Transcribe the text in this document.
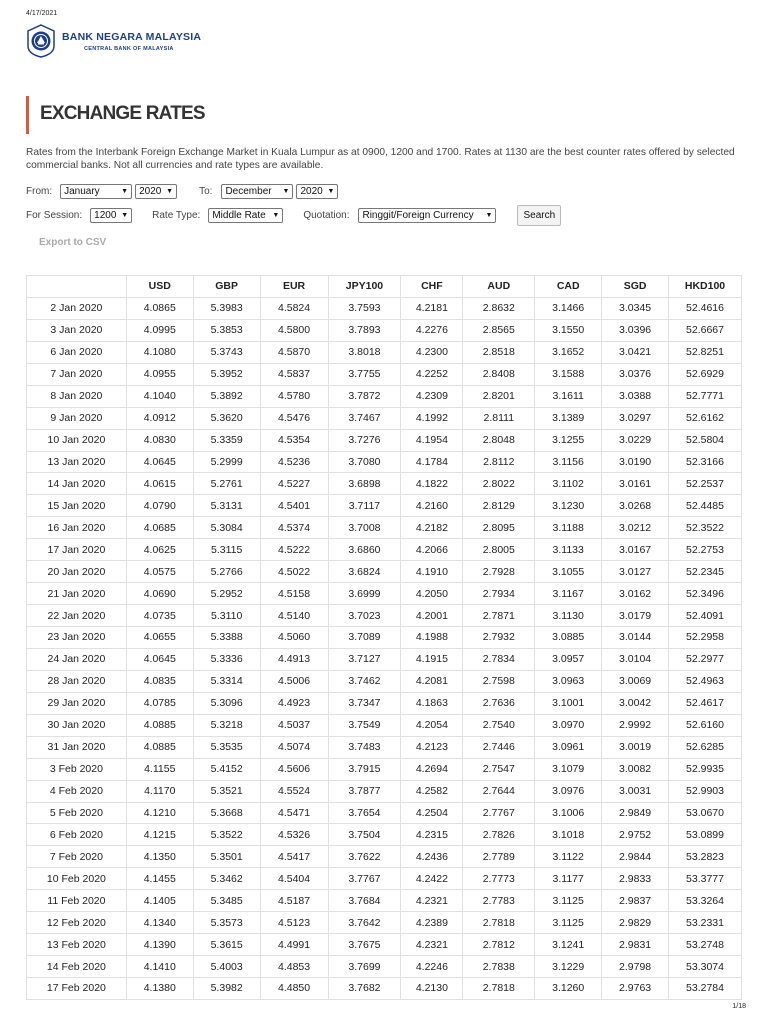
4/17/2021
BANK NEGARA MALAYSIA
CENTRAL BANK OF MALAYSIA
EXCHANGE RATES
Rates from the Interbank Foreign Exchange Market in Kuala Lumpur as at 0900, 1200 and 1700. Rates at 1130 are the best counter rates offered by selected commercial banks. Not all currencies and rate types are available.
From: January	▼ 2020 ▼	To: December ▼ 2020 ▼
For Session: 1200 ▼ Rate Type: Middle Rate ▼ Quotation: Ringgit/Foreign Currency ▼	Search
Export to CSV
	USD	GBP	EUR	JPY100	CHF	AUD	CAD	SGD	HKD100
2 Jan 2020	4.0865	5.3983	4.5824	3.7593	4.2181	2.8632	3.1466	3.0345	52.4616
3 Jan 2020	4.0995	5.3853	4.5800	3.7893	4.2276	2.8565	3.1550	3.0396	52.6667
6 Jan 2020	4.1080	5.3743	4.5870	3.8018	4.2300	2.8518	3.1652	3.0421	52.8251
7 Jan 2020	4.0955	5.3952	4.5837	3.7755	4.2252	2.8408	3.1588	3.0376	52.6929
8 Jan 2020	4.1040	5.3892	4.5780	3.7872	4.2309	2.8201	3.1611	3.0388	52.7771
9 Jan 2020	4.0912	5.3620	4.5476	3.7467	4.1992	2.8111	3.1389	3.0297	52.6162
10 Jan 2020	4.0830	5.3359	4.5354	3.7276	4.1954	2.8048	3.1255	3.0229	52.5804
13 Jan 2020	4.0645	5.2999	4.5236	3.7080	4.1784	2.8112	3.1156	3.0190	52.3166
14 Jan 2020	4.0615	5.2761	4.5227	3.6898	4.1822	2.8022	3.1102	3.0161	52.2537
15 Jan 2020	4.0790	5.3131	4.5401	3.7117	4.2160	2.8129	3.1230	3.0268	52.4485
16 Jan 2020	4.0685	5.3084	4.5374	3.7008	4.2182	2.8095	3.1188	3.0212	52.3522
17 Jan 2020	4.0625	5.3115	4.5222	3.6860	4.2066	2.8005	3.1133	3.0167	52.2753
20 Jan 2020	4.0575	5.2766	4.5022	3.6824	4.1910	2.7928	3.1055	3.0127	52.2345
21 Jan 2020	4.0690	5.2952	4.5158	3.6999	4.2050	2.7934	3.1167	3.0162	52.3496
22 Jan 2020	4.0735	5.3110	4.5140	3.7023	4.2001	2.7871	3.1130	3.0179	52.4091
23 Jan 2020	4.0655	5.3388	4.5060	3.7089	4.1988	2.7932	3.0885	3.0144	52.2958
24 Jan 2020	4.0645	5.3336	4.4913	3.7127	4.1915	2.7834	3.0957	3.0104	52.2977
28 Jan 2020	4.0835	5.3314	4.5006	3.7462	4.2081	2.7598	3.0963	3.0069	52.4963
29 Jan 2020	4.0785	5.3096	4.4923	3.7347	4.1863	2.7636	3.1001	3.0042	52.4617
30 Jan 2020	4.0885	5.3218	4.5037	3.7549	4.2054	2.7540	3.0970	2.9992	52.6160
31 Jan 2020	4.0885	5.3535	4.5074	3.7483	4.2123	2.7446	3.0961	3.0019	52.6285
3 Feb 2020	4.1155	5.4152	4.5606	3.7915	4.2694	2.7547	3.1079	3.0082	52.9935
4 Feb 2020	4.1170	5.3521	4.5524	3.7877	4.2582	2.7644	3.0976	3.0031	52.9903
5 Feb 2020	4.1210	5.3668	4.5471	3.7654	4.2504	2.7767	3.1006	2.9849	53.0670
6 Feb 2020	4.1215	5.3522	4.5326	3.7504	4.2315	2.7826	3.1018	2.9752	53.0899
7 Feb 2020	4.1350	5.3501	4.5417	3.7622	4.2436	2.7789	3.1122	2.9844	53.2823
10 Feb 2020	4.1455	5.3462	4.5404	3.7767	4.2422	2.7773	3.1177	2.9833	53.3777
11 Feb 2020	4.1405	5.3485	4.5187	3.7684	4.2321	2.7783	3.1125	2.9837	53.3264
12 Feb 2020	4.1340	5.3573	4.5123	3.7642	4.2389	2.7818	3.1125	2.9829	53.2331
13 Feb 2020	4.1390	5.3615	4.4991	3.7675	4.2321	2.7812	3.1241	2.9831	53.2748
14 Feb 2020	4.1410	5.4003	4.4853	3.7699	4.2246	2.7838	3.1229	2.9798	53.3074
17 Feb 2020	4.1380	5.3982	4.4850	3.7682	4.2130	2.7818	3.1260	2.9763	53.2784
1/18
